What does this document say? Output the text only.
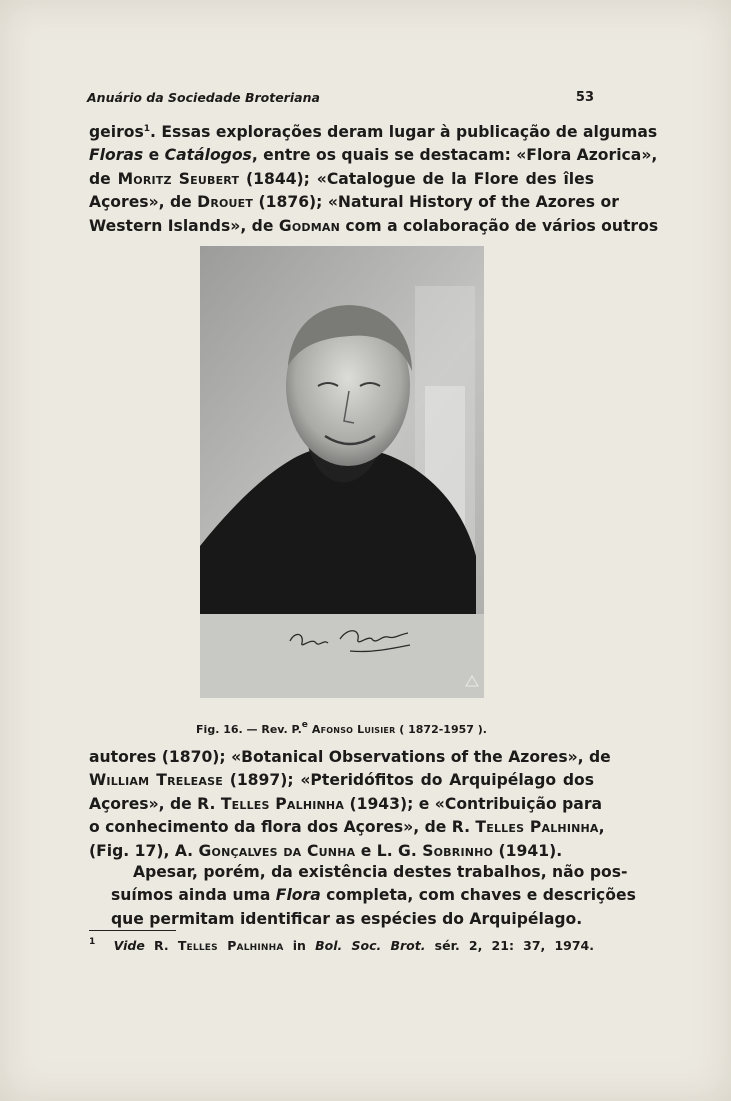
Anuário da Sociedade Broteriana	53
geiros$^1$. Essas explorações deram lugar à publicação de algumas
Floras e Catálogos, entre os quais se destacam: «Flora Azorica»,
de Moritz Seubert (1844); «Catalogue de la Flore des îles
Açores», de Drouet (1876); «Natural History of the Azores or
Western Islands», de Godman com a colaboração de vários outros
Fig. 16. — Rev. P.$^e$ Afonso Luisier ( 1872-1957 ).
autores (1870); «Botanical Observations of the Azores», de
William Trelease (1897); «Pteridófitos do Arquipélago dos
Açores», de R. Telles Palhinha (1943); e «Contribuição para
o conhecimento da flora dos Açores», de R. Telles Palhinha,
(Fig. 17), A. Gonçalves da Cunha e L. G. Sobrinho (1941).
Apesar, porém, da existência destes trabalhos, não pos-
suímos ainda uma Flora completa, com chaves e descrições
que permitam identificar as espécies do Arquipélago.
$^1$ Vide R. Telles Palhinha in Bol. Soc. Brot. sér. 2, 21: 37, 1974.
